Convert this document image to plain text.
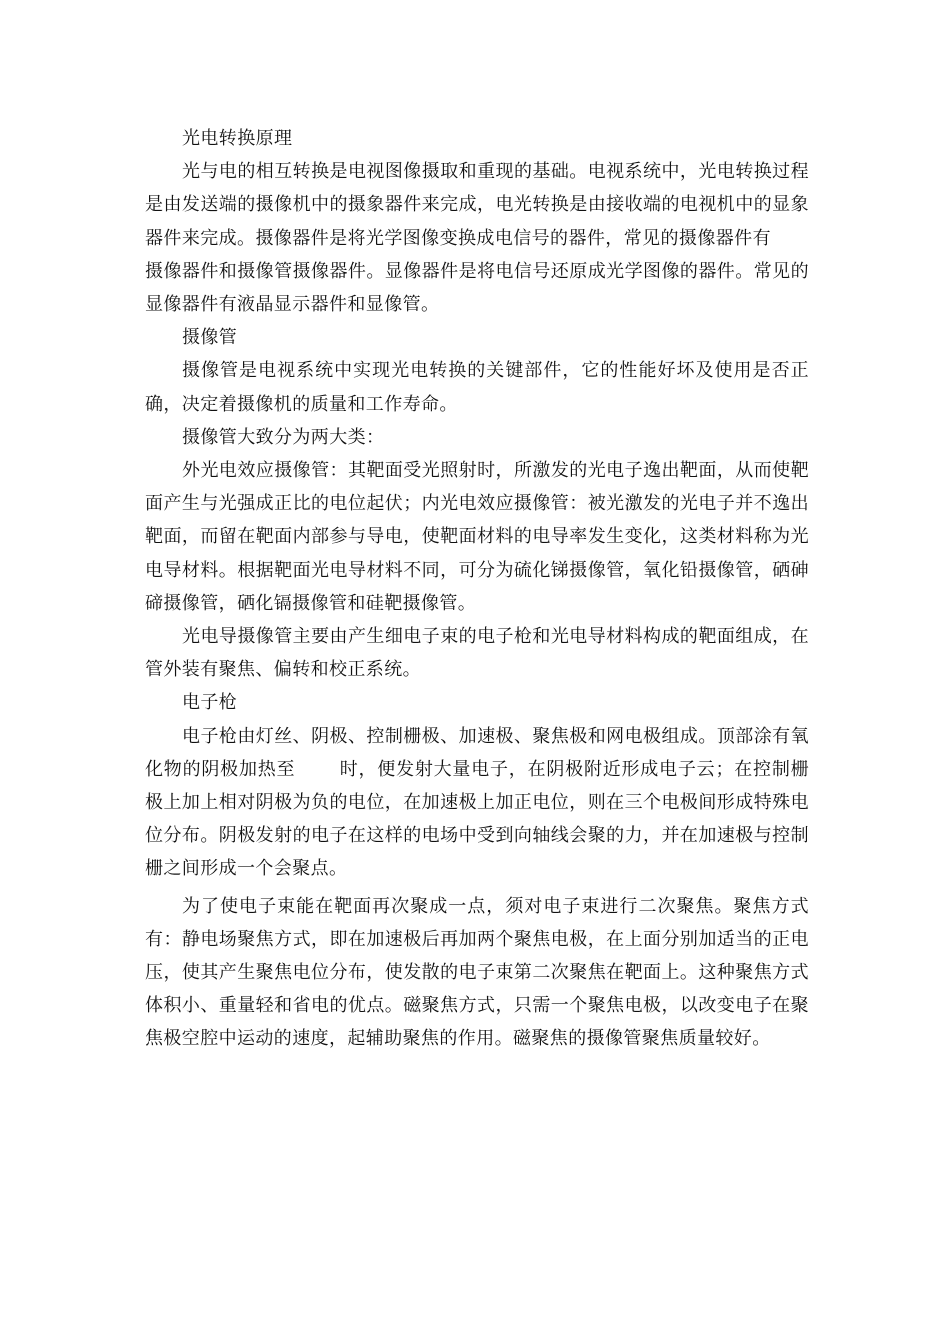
光电转换原理

光与电的相互转换是电视图像摄取和重现的基础。电视系统中，光电转换过程是由发送端的摄像机中的摄象器件来完成，电光转换是由接收端的电视机中的显象器件来完成。摄像器件是将光学图像变换成电信号的器件，常见的摄像器件有摄像器件和摄像管摄像器件。显像器件是将电信号还原成光学图像的器件。常见的显像器件有液晶显示器件和显像管。

摄像管

摄像管是电视系统中实现光电转换的关键部件，它的性能好坏及使用是否正确，决定着摄像机的质量和工作寿命。

摄像管大致分为两大类：

外光电效应摄像管：其靶面受光照射时，所激发的光电子逸出靶面，从而使靶面产生与光强成正比的电位起伏；内光电效应摄像管：被光激发的光电子并不逸出靶面，而留在靶面内部参与导电，使靶面材料的电导率发生变化，这类材料称为光电导材料。根据靶面光电导材料不同，可分为硫化锑摄像管，氧化铅摄像管，硒砷碲摄像管，硒化镉摄像管和硅靶摄像管。

光电导摄像管主要由产生细电子束的电子枪和光电导材料构成的靶面组成，在管外装有聚焦、偏转和校正系统。

电子枪

电子枪由灯丝、阴极、控制栅极、加速极、聚焦极和网电极组成。顶部涂有氧化物的阴极加热至 时，便发射大量电子，在阴极附近形成电子云；在控制栅极上加上相对阴极为负的电位，在加速极上加正电位，则在三个电极间形成特殊电位分布。阴极发射的电子在这样的电场中受到向轴线会聚的力，并在加速极与控制栅之间形成一个会聚点。

为了使电子束能在靶面再次聚成一点，须对电子束进行二次聚焦。聚焦方式有：静电场聚焦方式，即在加速极后再加两个聚焦电极，在上面分别加适当的正电压，使其产生聚焦电位分布，使发散的电子束第二次聚焦在靶面上。这种聚焦方式体积小、重量轻和省电的优点。磁聚焦方式，只需一个聚焦电极，以改变电子在聚焦极空腔中运动的速度，起辅助聚焦的作用。磁聚焦的摄像管聚焦质量较好。
